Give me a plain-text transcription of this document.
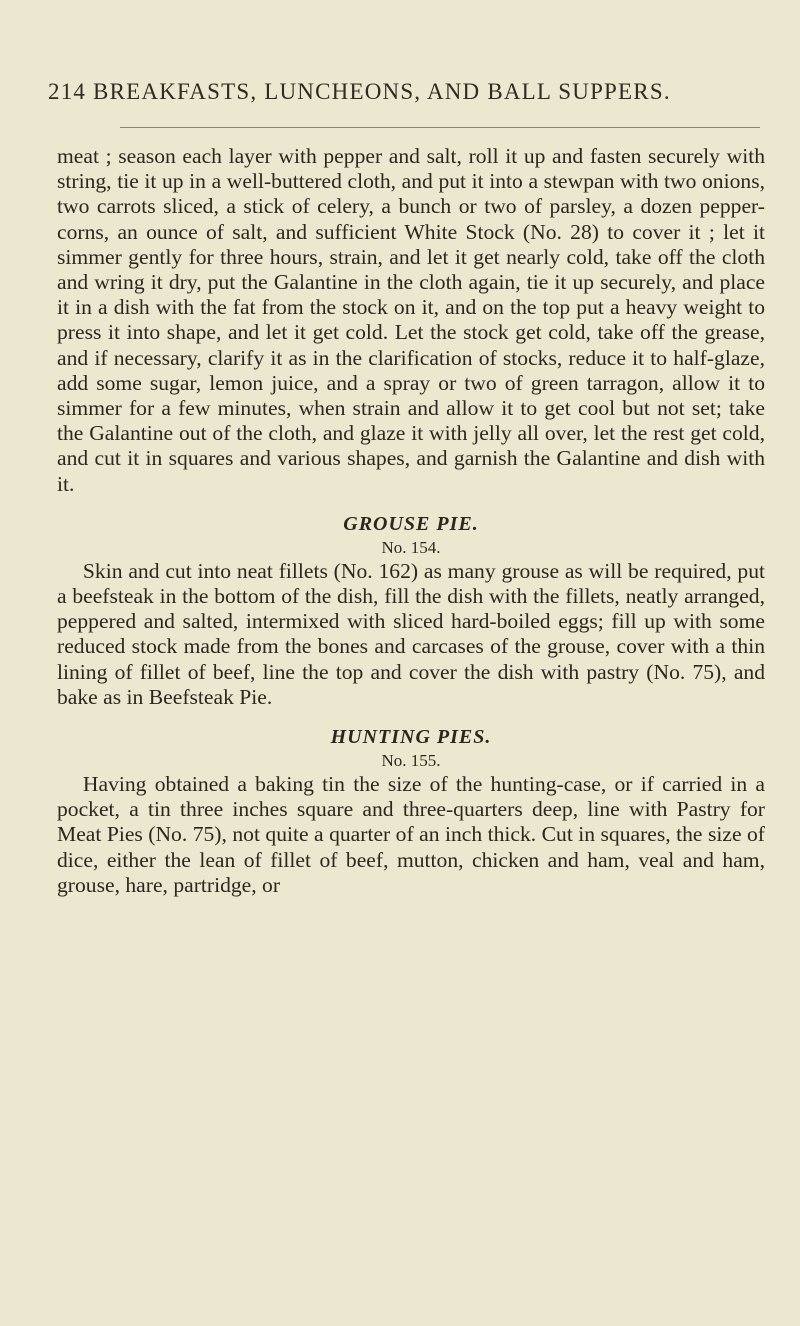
214 BREAKFASTS, LUNCHEONS, AND BALL SUPPERS.

meat ; season each layer with pepper and salt, roll it up and fasten securely with string, tie it up in a well-buttered cloth, and put it into a stewpan with two onions, two carrots sliced, a stick of celery, a bunch or two of parsley, a dozen pepper-corns, an ounce of salt, and sufficient White Stock (No. 28) to cover it ; let it simmer gently for three hours, strain, and let it get nearly cold, take off the cloth and wring it dry, put the Galantine in the cloth again, tie it up securely, and place it in a dish with the fat from the stock on it, and on the top put a heavy weight to press it into shape, and let it get cold. Let the stock get cold, take off the grease, and if necessary, clarify it as in the clarification of stocks, reduce it to half-glaze, add some sugar, lemon juice, and a spray or two of green tarragon, allow it to simmer for a few minutes, when strain and allow it to get cool but not set; take the Galantine out of the cloth, and glaze it with jelly all over, let the rest get cold, and cut it in squares and various shapes, and garnish the Galantine and dish with it.

GROUSE PIE.

No. 154.

Skin and cut into neat fillets (No. 162) as many grouse as will be required, put a beefsteak in the bottom of the dish, fill the dish with the fillets, neatly arranged, peppered and salted, intermixed with sliced hard-boiled eggs; fill up with some reduced stock made from the bones and carcases of the grouse, cover with a thin lining of fillet of beef, line the top and cover the dish with pastry (No. 75), and bake as in Beefsteak Pie.

HUNTING PIES.

No. 155.

Having obtained a baking tin the size of the hunting-case, or if carried in a pocket, a tin three inches square and three-quarters deep, line with Pastry for Meat Pies (No. 75), not quite a quarter of an inch thick. Cut in squares, the size of dice, either the lean of fillet of beef, mutton, chicken and ham, veal and ham, grouse, hare, partridge, or
